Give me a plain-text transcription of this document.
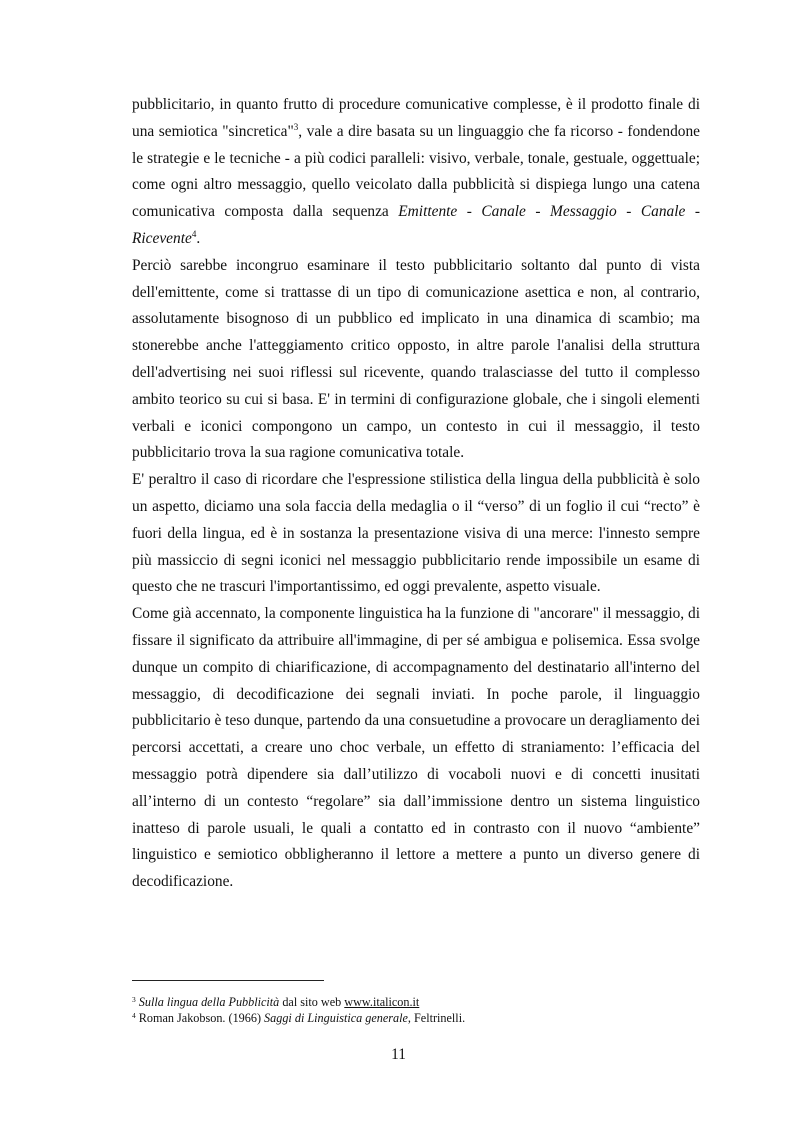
pubblicitario, in quanto frutto di procedure comunicative complesse, è il prodotto finale di una semiotica "sincretica"$^3$, vale a dire basata su un linguaggio che fa ricorso - fondendone le strategie e le tecniche - a più codici paralleli: visivo, verbale, tonale, gestuale, oggettuale; come ogni altro messaggio, quello veicolato dalla pubblicità si dispiega lungo una catena comunicativa composta dalla sequenza Emittente - Canale - Messaggio - Canale - Ricevente$^4$.

Perciò sarebbe incongruo esaminare il testo pubblicitario soltanto dal punto di vista dell'emittente, come si trattasse di un tipo di comunicazione asettica e non, al contrario, assolutamente bisognoso di un pubblico ed implicato in una dinamica di scambio; ma stonerebbe anche l'atteggiamento critico opposto, in altre parole l'analisi della struttura dell'advertising nei suoi riflessi sul ricevente, quando tralasciasse del tutto il complesso ambito teorico su cui si basa. E' in termini di configurazione globale, che i singoli elementi verbali e iconici compongono un campo, un contesto in cui il messaggio, il testo pubblicitario trova la sua ragione comunicativa totale.

E' peraltro il caso di ricordare che l'espressione stilistica della lingua della pubblicità è solo un aspetto, diciamo una sola faccia della medaglia o il “verso” di un foglio il cui “recto” è fuori della lingua, ed è in sostanza la presentazione visiva di una merce: l'innesto sempre più massiccio di segni iconici nel messaggio pubblicitario rende impossibile un esame di questo che ne trascuri l'importantissimo, ed oggi prevalente, aspetto visuale.

Come già accennato, la componente linguistica ha la funzione di "ancorare" il messaggio, di fissare il significato da attribuire all'immagine, di per sé ambigua e polisemica. Essa svolge dunque un compito di chiarificazione, di accompagnamento del destinatario all'interno del messaggio, di decodificazione dei segnali inviati. In poche parole, il linguaggio pubblicitario è teso dunque, partendo da una consuetudine a provocare un deragliamento dei percorsi accettati, a creare uno choc verbale, un effetto di straniamento: l’efficacia del messaggio potrà dipendere sia dall’utilizzo di vocaboli nuovi e di concetti inusitati all’interno di un contesto “regolare” sia dall’immissione dentro un sistema linguistico inatteso di parole usuali, le quali a contatto ed in contrasto con il nuovo “ambiente” linguistico e semiotico obbligheranno il lettore a mettere a punto un diverso genere di decodificazione.

$^3$ Sulla lingua della Pubblicità dal sito web www.italicon.it

$^4$ Roman Jakobson. (1966) Saggi di Linguistica generale, Feltrinelli.

11
